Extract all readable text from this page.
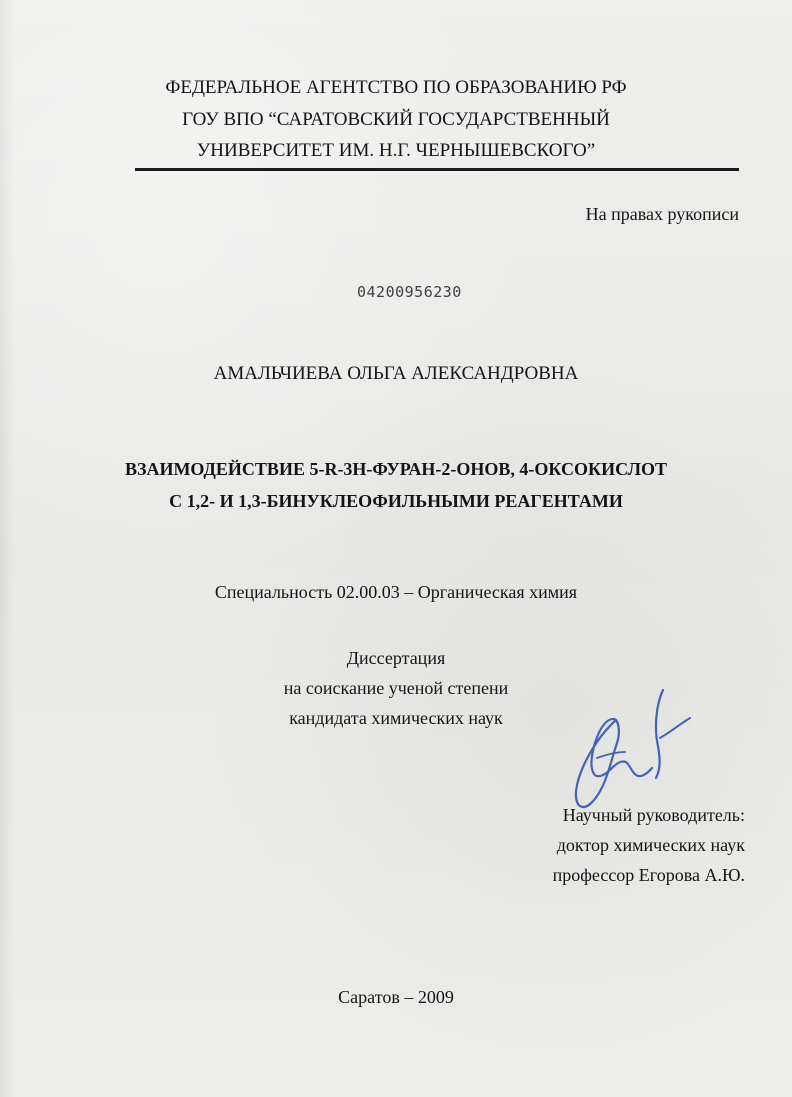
ФЕДЕРАЛЬНОЕ АГЕНТСТВО ПО ОБРАЗОВАНИЮ РФ
ГОУ ВПО “САРАТОВСКИЙ ГОСУДАРСТВЕННЫЙ
УНИВЕРСИТЕТ ИМ. Н.Г. ЧЕРНЫШЕВСКОГО”
На правах рукописи
04200956230
АМАЛЬЧИЕВА ОЛЬГА АЛЕКСАНДРОВНА
ВЗАИМОДЕЙСТВИЕ 5-R-3H-ФУРАН-2-ОНОВ, 4-ОКСОКИСЛОТ
С 1,2- И 1,3-БИНУКЛЕОФИЛЬНЫМИ РЕАГЕНТАМИ
Специальность 02.00.03 – Органическая химия
Диссертация
на соискание ученой степени
кандидата химических наук
Научный руководитель:
доктор химических наук
профессор Егорова А.Ю.
Саратов – 2009
